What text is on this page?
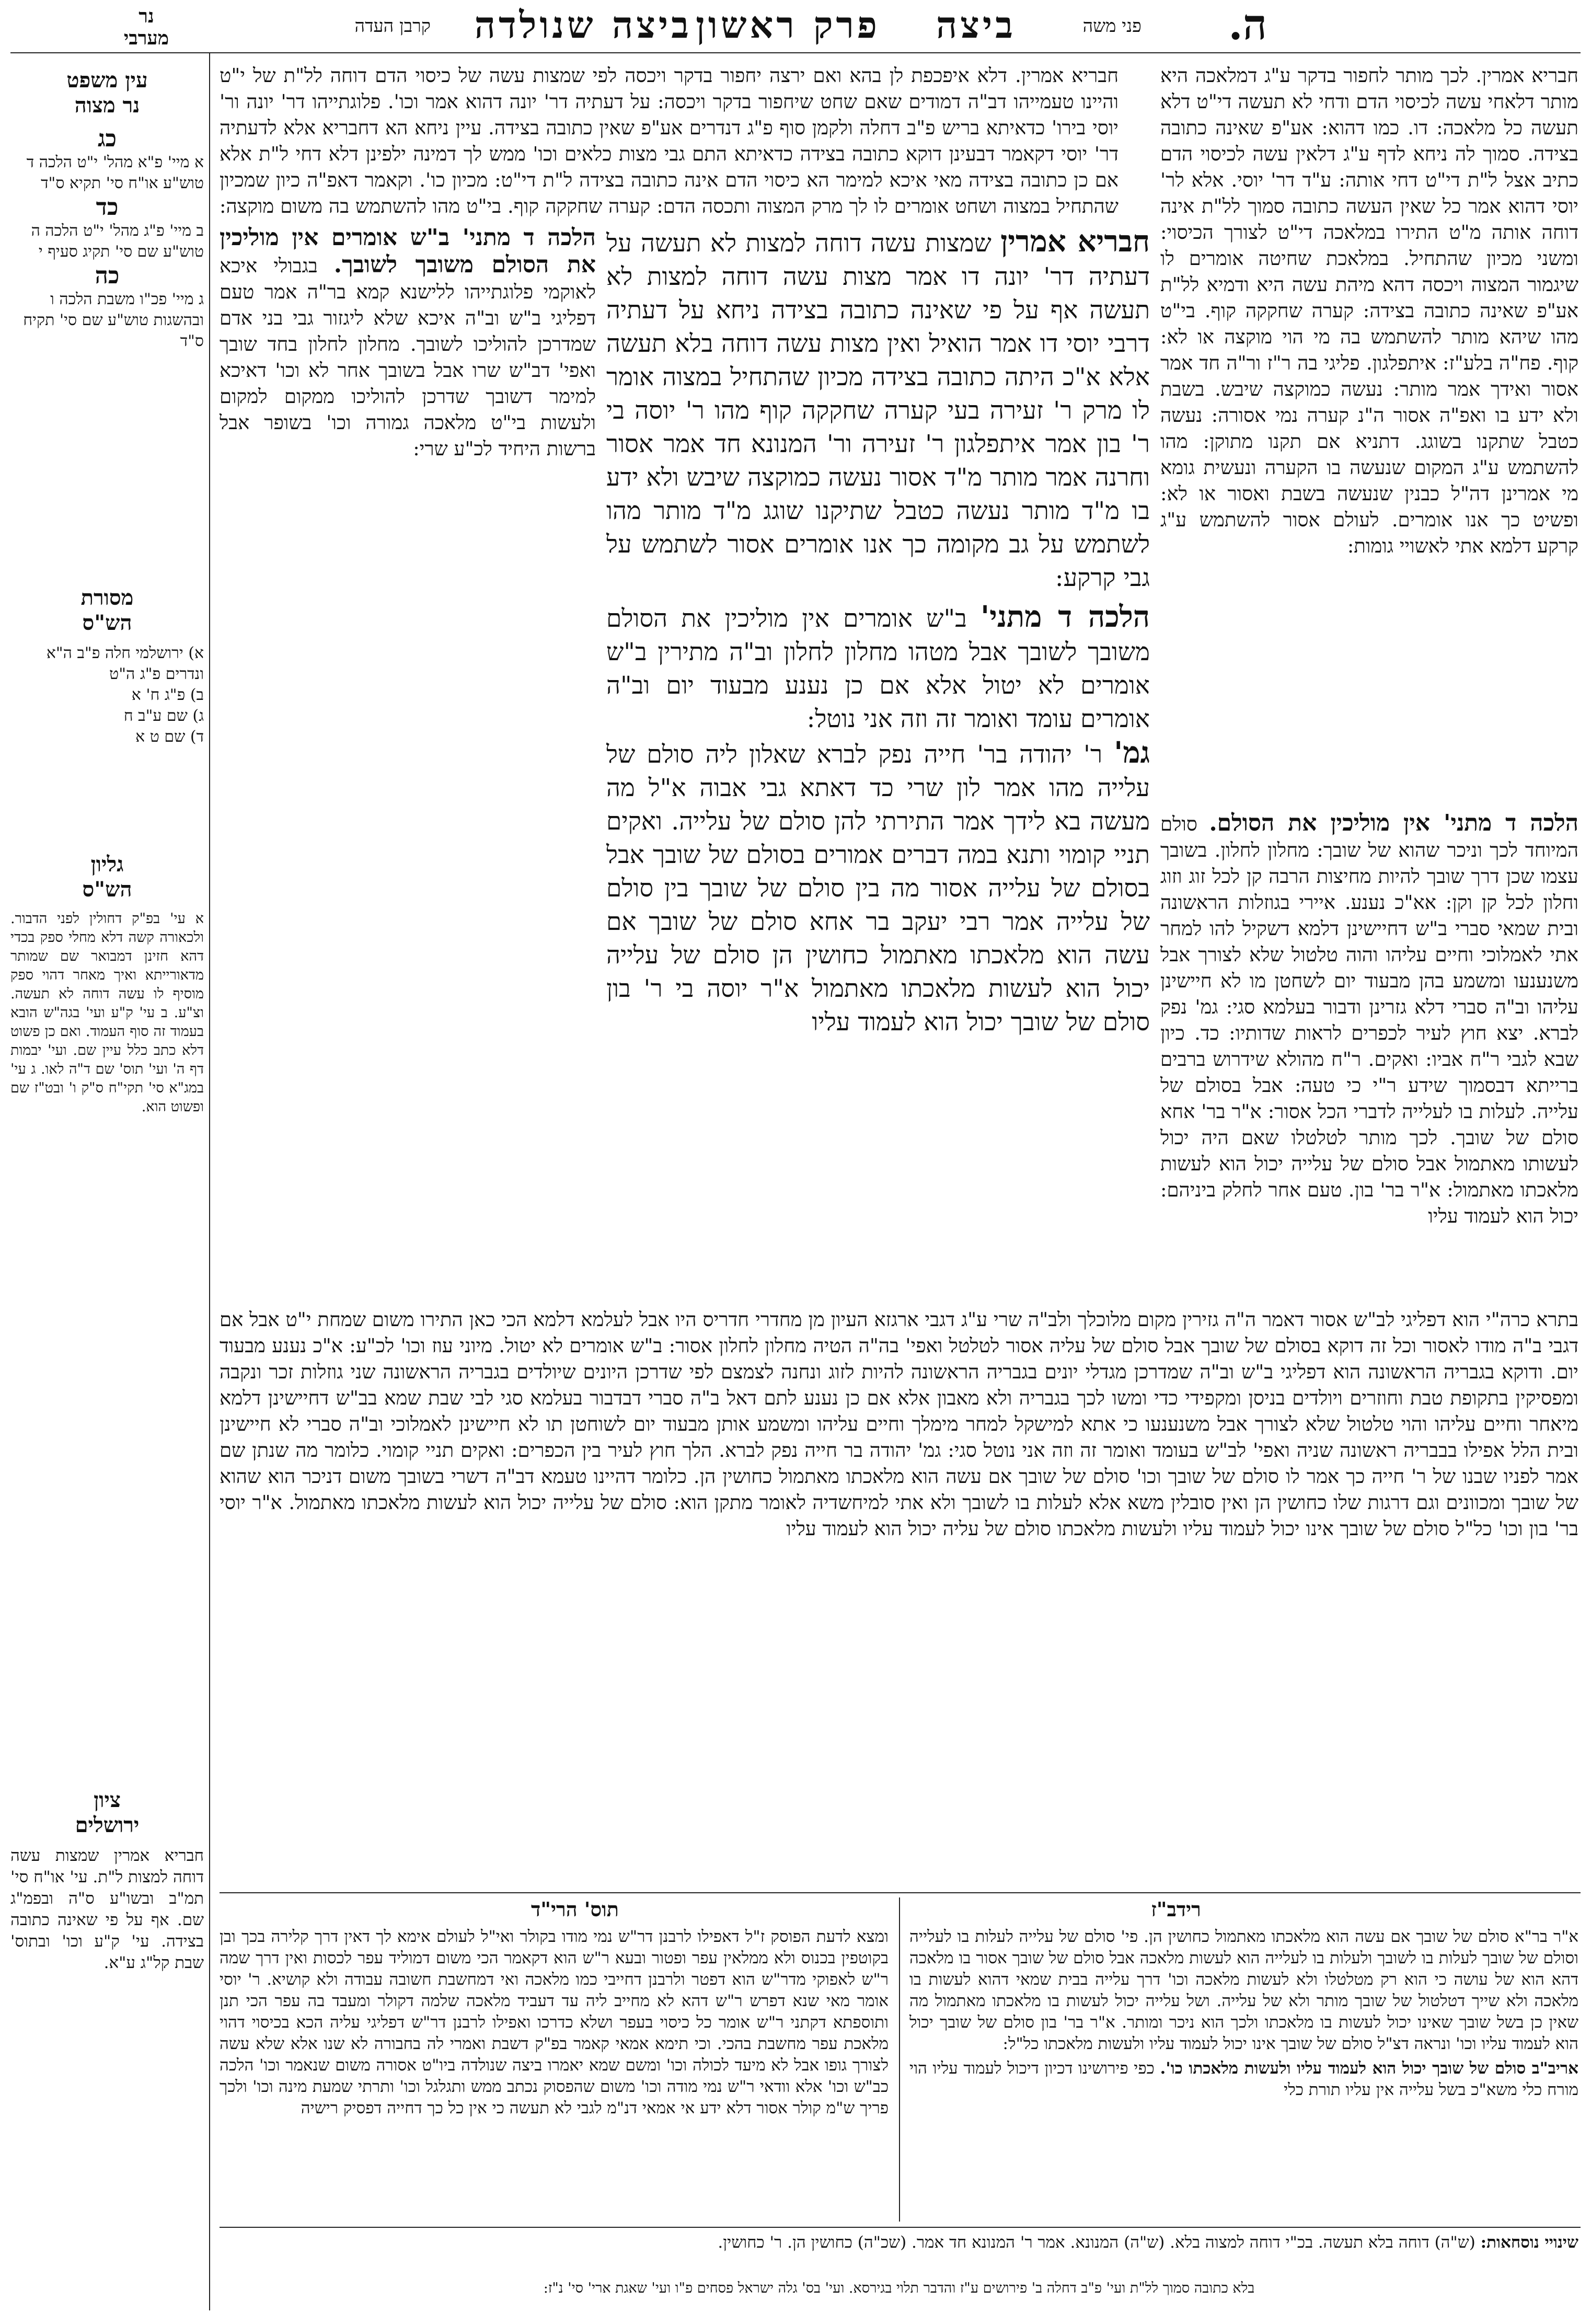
קרבן העדה ביצה שנולדה פרק ראשון ביצה	פני משה ה.
נר
מערבי
עין משפט
נר מצוה
כג
א מיי' פ"א מהל' י"ט הלכה ד טוש"ע או"ח סי' תקיא ס"ד
כד
ב מיי' פ"ג מהל' י"ט הלכה ה טוש"ע שם סי' תקיג סעיף י
כה
ג מיי' פכ"ו משבת הלכה ו ובהשגות טוש"ע שם סי' תקיח ס"ד
מסורת
הש"ס
א) ירושלמי חלה פ"ב ה"א ונדרים פ"ג ה"ט
ב) פ"ג ח' א
ג) שם ע"ב ח
ד) שם ט א
גליון
הש"ס
א עי' בפ"ק דחולין לפני הדבור. ולכאורה קשה דלא מחלי ספק בכדי דהא חזינן דמבואר שם שמותר מדאורייתא ואיך מאחר דהוי ספק מוסיף לו עשה דוחה לא תעשה. וצ"ע. ב עי' ק"ע ועי' בגה"ש הובא בעמוד זה סוף העמוד. ואם כן פשוט דלא כתב כלל עיין שם. ועי' יבמות דף ה' ועי' תוס' שם ד"ה לאו. ג עי' במג"א סי' תקי"ח ס"ק ו' ובט"ז שם ופשוט הוא.
ציון
ירושלים
חבריא אמרין שמצות עשה דוחה למצות ל"ת. עי' או"ח סי' תמ"ב ובשו"ע ס"ה ובפמ"ג שם. אף על פי שאינה כתובה בצידה. עי' ק"ע וכו' ובתוס' שבת קל"ג ע"א.

חבריא אמרין. לכך מותר לחפור בדקר ע"ג דמלאכה היא מותר דלאחי עשה לכיסוי הדם ודחי לא תעשה די"ט דלא תעשה כל מלאכה: דו. כמו דהוא: אע"פ שאינה כתובה בצידה. סמוך לה ניחא לדף ע"ג דלאין עשה לכיסוי הדם כתיב אצל ל"ת די"ט דחי אותה: ע"ד דר' יוסי. אלא לר' יוסי דהוא אמר כל שאין העשה כתובה סמוך לל"ת אינה דוחה אותה מ"ט התירו במלאכה די"ט לצורך הכיסוי: ומשני מכיון שהתחיל. במלאכת שחיטה אומרים לו שיגמור המצוה ויכסה דהא מיהת עשה היא ודמיא לל"ת אע"פ שאינה כתובה בצידה: קערה שחקקה קוף. בי"ט מהו שיהא מותר להשתמש בה מי הוי מוקצה או לא: קוף. פח"ה בלע"ז: איתפלגון. פליגי בה ר"ז ור"ה חד אמר אסור ואידך אמר מותר: נעשה כמוקצה שיבש. בשבת ולא ידע בו ואפ"ה אסור ה"נ קערה נמי אסורה: נעשה כטבל שתקנו בשוגג. דתניא אם תקנו מתוקן: מהו להשתמש ע"ג המקום שנעשה בו הקערה ונעשית גומא מי אמרינן דה"ל כבנין שנעשה בשבת ואסור או לא: ופשיט כך אנו אומרים. לעולם אסור להשתמש ע"ג קרקע דלמא אתי לאשויי גומות:

חבריא אמרין. דלא איפכפת לן בהא ואם ירצה יחפור בדקר ויכסה לפי שמצות עשה של כיסוי הדם דוחה לל"ת של י"ט והיינו טעמייהו דב"ה דמודים שאם שחט שיחפור בדקר ויכסה: על דעתיה דר' יונה דהוא אמר וכו'. פלוגתייהו דר' יונה ור' יוסי בירו' כדאיתא בריש פ"ב דחלה ולקמן סוף פ"ג דנדרים אע"פ שאין כתובה בצידה. עיין ניחא הא דחבריא אלא לדעתיה דר' יוסי דקאמר דבעינן דוקא כתובה בצידה כדאיתא התם גבי מצות כלאים וכו' ממש לך דמינה ילפינן דלא דחי ל"ת אלא אם כן כתובה בצידה מאי איכא למימר הא כיסוי הדם אינה כתובה בצידה ל"ת די"ט: מכיון כו'. וקאמר דאפ"ה כיון שמכיון שהתחיל במצוה ושחט אומרים לו לך מרק המצוה ותכסה הדם: קערה שחקקה קוף. בי"ט מהו להשתמש בה משום מוקצה:

חבריא אמרין שמצות עשה דוחה למצות לא תעשה על דעתיה דר' יונה דו אמר מצות עשה דוחה למצות לא תעשה אף על פי שאינה כתובה בצידה ניחא על דעתיה דרבי יוסי דו אמר הואיל ואין מצות עשה דוחה בלא תעשה אלא א"כ היתה כתובה בצידה מכיון שהתחיל במצוה אומר לו מרק ר' זעירה בעי קערה שחקקה קוף מהו ר' יוסה בי ר' בון אמר איתפלגון ר' זעירה ור' המנונא חד אמר אסור וחרנה אמר מותר מ"ד אסור נעשה כמוקצה שיבש ולא ידע בו מ"ד מותר נעשה כטבל שתיקנו שוגג מ"ד מותר מהו לשתמש על גב מקומה כך אנו אומרים אסור לשתמש על גבי קרקע:

הלכה ד מתני' ב"ש אומרים אין מוליכין את הסולם משובך לשובך אבל מטהו מחלון לחלון וב"ה מתירין ב"ש אומרים לא יטול אלא אם כן נענע מבעוד יום וב"ה אומרים עומד ואומר זה וזה אני נוטל:

גמ' ר' יהודה בר' חייה נפק לברא שאלון ליה סולם של עלייה מהו אמר לון שרי כד דאתא גבי אבוה א"ל מה מעשה בא לידך אמר התירתי להן סולם של עלייה. ואקים תניי קומוי ותנא במה דברים אמורים בסולם של שובך אבל בסולם של עלייה אסור מה בין סולם של שובך בין סולם של עלייה אמר רבי יעקב בר אחא סולם של שובך אם עשה הוא מלאכתו מאתמול כחושין הן סולם של עלייה יכול הוא לעשות מלאכתו מאתמול א"ר יוסה בי ר' בון סולם של שובך יכול הוא לעמוד עליו

הלכה ד מתני' אין מוליכין את הסולם. סולם המיוחד לכך וניכר שהוא של שובך: מחלון לחלון. בשובך עצמו שכן דרך שובך להיות מחיצות הרבה קן לכל זוג וזוג וחלון לכל קן וקן: אא"כ נענע. איירי בגוזלות הראשונה ובית שמאי סברי ב"ש דחיישינן דלמא דשקיל להו למחר אתי לאמלוכי וחיים עליהו והוה טלטול שלא לצורך אבל משנענעו ומשמע בהן מבעוד יום לשחטן מו לא חיישינן עליהו וב"ה סברי דלא גזרינן ודבור בעלמא סגי: גמ' נפק לברא. יצא חוץ לעיר לכפרים לראות שדותיו: כד. כיון שבא לגבי ר"ח אביו: ואקים. ר"ח מהולא שידרוש ברבים ברייתא דבסמוך שידע ר"י כי טעה: אבל בסולם של עלייה. לעלות בו לעלייה לדברי הכל אסור: א"ר בר' אחא סולם של שובך. לכך מותר לטלטלו שאם היה יכול לעשותו מאתמול אבל סולם של עלייה יכול הוא לעשות מלאכתו מאתמול: א"ר בר' בון. טעם אחר לחלק ביניהם: יכול הוא לעמוד עליו

הלכה ד מתני' ב"ש אומרים אין מוליכין את הסולם משובך לשובך. בגבולי איכא לאוקמי פלוגתייהו ללישנא קמא בר"ה אמר טעם דפליגי ב"ש וב"ה איכא שלא ליגזור גבי בני אדם שמדרכן להוליכו לשובך. מחלון לחלון בחד שובך ואפי' דב"ש שרו אבל בשובך אחר לא וכו' דאיכא למימר דשובך שדרכן להוליכו ממקום למקום ולעשות בי"ט מלאכה גמורה וכו' בשופר אבל ברשות היחיד לכ"ע שרי:

בתרא כרה"י הוא דפליגי לב"ש אסור דאמר ה"ה גזירין מקום מלוכלך ולב"ה שרי ע"ג דגבי ארגזא העיון מן מחדרי חדריס היו אבל לעלמא דלמא הכי כאן התירו משום שמחת י"ט אבל אם דגבי ב"ה מודו לאסור וכל זה דוקא בסולם של שובך אבל סולם של עליה אסור לטלטל ואפי' בה"ה הטיה מחלון לחלון אסור: ב"ש אומרים לא יטול. מיוני עוז וכו' לכ"ע: א"כ נענע מבעוד יום. ודוקא בגבריה הראשונה הוא דפליגי ב"ש וב"ה שמדרכן מגדלי יונים בגבריה הראשונה להיות לזוג ונחנה לצמצם לפי שדרכן היונים שיולדים בגבריה הראשונה שני גוזלות זכר ונקבה ומפסיקין בתקופת טבת וחוזרים ויולדים בניסן ומקפידי כדי ומשו לכך בגבריה ולא מאבון אלא אם כן נענע לתם דאל ב"ה סברי דבדבור בעלמא סגי לבי שבת שמא בב"ש דחיישינן דלמא מיאחר וחיים עליהו והוי טלטול שלא לצורך אבל משנענעו כי אתא למישקל למחר מימלך וחיים עליהו ומשמע אותן מבעוד יום לשוחטן תו לא חיישינן לאמלוכי וב"ה סברי לא חיישינן ובית הלל אפילו בבבריה ראשונה שניה ואפי' לב"ש בעומד ואומר זה וזה אני נוטל סגי: גמ' יהודה בר חייה נפק לברא. הלך חוץ לעיר בין הכפרים: ואקים תניי קומוי. כלומר מה שנתן שם אמר לפניו שבנו של ר' חייה כך אמר לו סולם של שובך וכו' סולם של שובך אם עשה הוא מלאכתו מאתמול כחושין הן. כלומר דהיינו טעמא דב"ה דשרי בשובך משום דניכר הוא שהוא של שובך ומכוונים וגם דרגות שלו כחושין הן ואין סובלין משא אלא לעלות בו לשובך ולא אתי למיחשדיה לאומר מתקן הוא: סולם של עלייה יכול הוא לעשות מלאכתו מאתמול. א"ר יוסי בר' בון וכו' כל"ל סולם של שובך אינו יכול לעמוד עליו ולעשות מלאכתו סולם של עליה יכול הוא לעמוד עליו

רידב"ז
תוס' הרי"ד

א"ר בר"א סולם של שובך אם עשה הוא מלאכתו מאתמול כחושין הן. פי' סולם של עלייה לעלות בו לעלייה וסולם של שובך לעלות בו לשובך ולעלות בו לעלייה הוא לעשות מלאכה אבל סולם של שובך אסור בו מלאכה דהא הוא של עושה כי הוא רק מטלטלו ולא לעשות מלאכה וכו' דרך עלייה בבית שמאי דהוא לעשות בו מלאכה ולא שייך דטלטול של שובך מותר ולא של עלייה. ושל עלייה יכול לעשות בו מלאכתו מאתמול מה שאין כן בשל שובך שאינו יכול לעשות בו מלאכתו ולכך הוא ניכר ומותר. א"ר בר' בון סולם של שובך יכול הוא לעמוד עליו וכו' ונראה דצ"ל סולם של שובך אינו יכול לעמוד עליו ולעשות מלאכתו כל"ל:

אריב"ב סולם של שובך יכול הוא לעמוד עליו ולעשות מלאכתו כו'. כפי פירושינו דכיון דיכול לעמוד עליו הוי מורח כלי משא"כ בשל עלייה אין עליו תורת כלי

ומצא לדעת הפוסק ז"ל דאפילו לרבנן דר"ש נמי מודו בקולר ואי"ל לעולם אימא לך דאין דרך קלירה בכך ובן בקוטפין בכנוס ולא ממלאין עפר ופטור ובעא ר"ש הוא דקאמר הכי משום דמוליד עפר לכסות ואין דרך שמה ר"ש לאפוקי מדר"ש הוא דפטר ולרבנן דחייבי כמו מלאכה ואי דמחשבת חשובה עבודה ולא קושיא. ר' יוסי אומר מאי שנא דפרש ר"ש דהא לא מחייב ליה עד דעביד מלאכה שלמה דקולר ומעבד בה עפר הכי תנן ותוספתא דקתני ר"ש אומר כל כיסוי בעפר ושלא כדרכו ואפילו לרבנן דר"ש דפליגי עליה הכא בכיסוי דהוי מלאכת עפר מחשבת בהכי. וכי תימא אמאי קאמר בפ"ק דשבת ואמרי לה בחבורה לא שנו אלא שלא עשה לצורך גופו אבל לא מיעד לכולה וכו' ומשם שמא יאמרו ביצה שנולדה ביו"ט אסורה משום שנאמר וכו' הלכה כב"ש וכו' אלא וודאי ר"ש נמי מודה וכו' משום שהפסוק נכתב ממש ותגלגל וכו' ותרתי שמעת מינה וכו' ולכך פריך ש"מ קולר אסור דלא ידע אי אמאי דנ"מ לגבי לא תעשה כי אין כל כך דחייה דפסיק רישיה

שינויי נוסחאות: (ש"ה) דוחה בלא תעשה. בכ"י דוחה למצוה בלא. (ש"ה) המנונא. אמר ר' המנונא חד אמר. (שכ"ה) כחושין הן. ר' כחושין.

בלא כתובה סמוך לל"ת ועי' פ"ב דחלה ב' פירושים ע"ז והדבר תלוי בגירסא. ועי' בס' גלה ישראל פסחים פ"ו ועי' שאגת ארי' סי' נ"ז:
